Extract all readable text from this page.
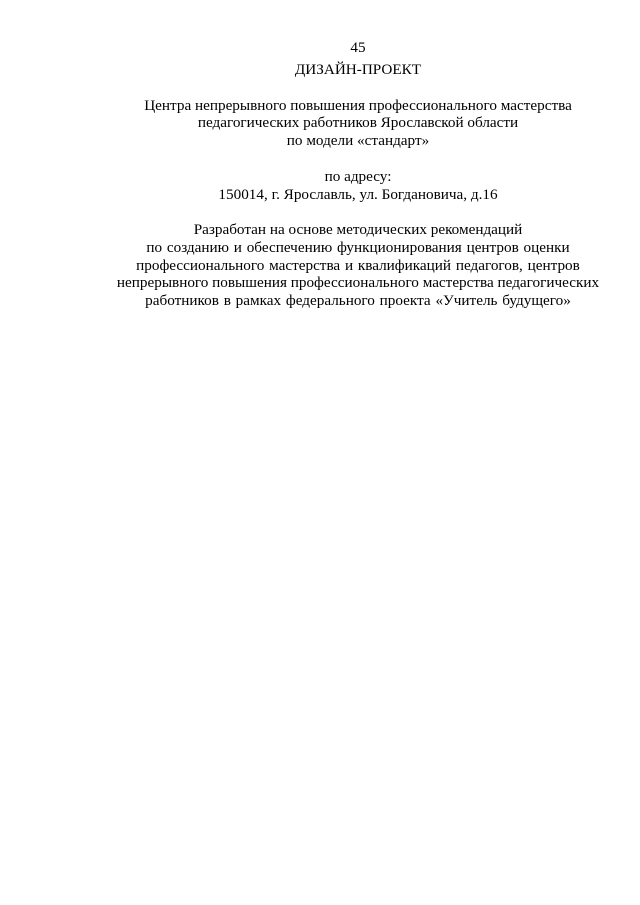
45
ДИЗАЙН-ПРОЕКТ
Центра непрерывного повышения профессионального мастерства
педагогических работников Ярославской области
по модели «стандарт»
по адресу:
150014, г. Ярославль, ул. Богдановича, д.16
Разработан на основе методических рекомендаций
по созданию и обеспечению функционирования центров оценки
профессионального мастерства и квалификаций педагогов, центров
непрерывного повышения профессионального мастерства педагогических
работников в рамках федерального проекта «Учитель будущего»
